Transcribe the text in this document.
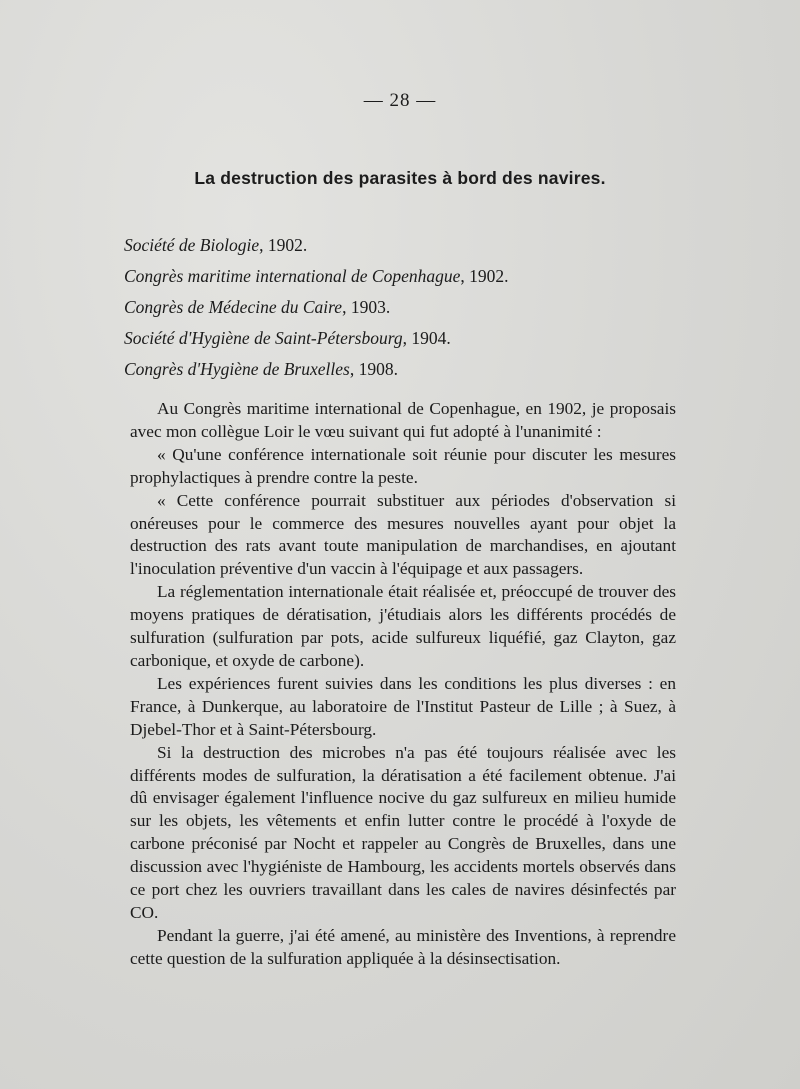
— 28 —
La destruction des parasites à bord des navires.
Société de Biologie, 1902.
Congrès maritime international de Copenhague, 1902.
Congrès de Médecine du Caire, 1903.
Société d'Hygiène de Saint-Pétersbourg, 1904.
Congrès d'Hygiène de Bruxelles, 1908.

Au Congrès maritime international de Copenhague, en 1902, je proposais avec mon collègue Loir le vœu suivant qui fut adopté à l'unanimité :

« Qu'une conférence internationale soit réunie pour discuter les mesures prophylactiques à prendre contre la peste.

« Cette conférence pourrait substituer aux périodes d'observation si onéreuses pour le commerce des mesures nouvelles ayant pour objet la destruction des rats avant toute manipulation de marchandises, en ajoutant l'inoculation préventive d'un vaccin à l'équipage et aux passagers.

La réglementation internationale était réalisée et, préoccupé de trouver des moyens pratiques de dératisation, j'étudiais alors les différents procédés de sulfuration (sulfuration par pots, acide sulfureux liquéfié, gaz Clayton, gaz carbonique, et oxyde de carbone).

Les expériences furent suivies dans les conditions les plus diverses : en France, à Dunkerque, au laboratoire de l'Institut Pasteur de Lille ; à Suez, à Djebel-Thor et à Saint-Pétersbourg.

Si la destruction des microbes n'a pas été toujours réalisée avec les différents modes de sulfuration, la dératisation a été facilement obtenue. J'ai dû envisager également l'influence nocive du gaz sulfureux en milieu humide sur les objets, les vêtements et enfin lutter contre le procédé à l'oxyde de carbone préconisé par Nocht et rappeler au Congrès de Bruxelles, dans une discussion avec l'hygiéniste de Hambourg, les accidents mortels observés dans ce port chez les ouvriers travaillant dans les cales de navires désinfectés par CO.

Pendant la guerre, j'ai été amené, au ministère des Inventions, à reprendre cette question de la sulfuration appliquée à la désinsectisation.
